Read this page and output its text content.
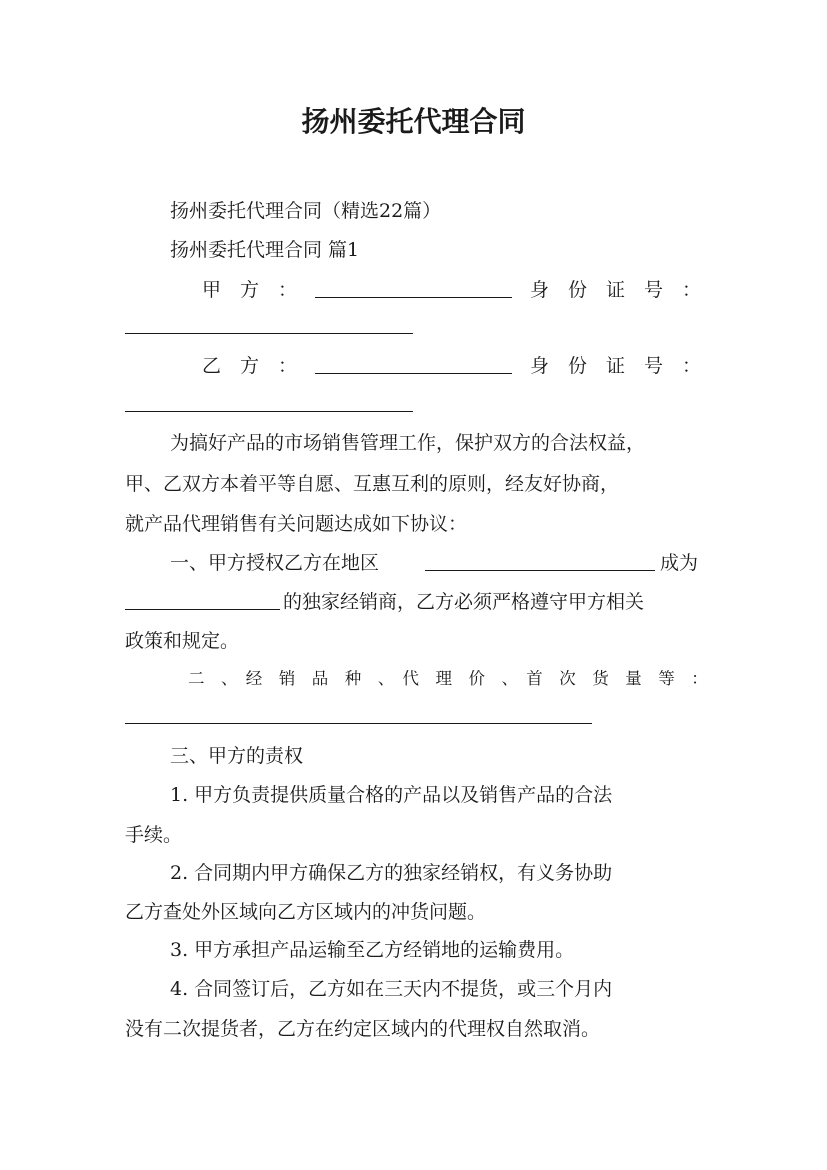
扬州委托代理合同
扬州委托代理合同（精选22篇）
扬州委托代理合同 篇1
甲　方　：	身　份　证　号　：
乙　方　：	身　份　证　号　：
为搞好产品的市场销售管理工作，保护双方的合法权益，
甲、乙双方本着平等自愿、互惠互利的原则，经友好协商，
就产品代理销售有关问题达成如下协议：
一、甲方授权乙方在地区	成为
的独家经销商，乙方必须严格遵守甲方相关
政策和规定。
二　、　经　销　品　种　、　代　理　价　、　首　次　货　量　等　：
三、甲方的责权
1. 甲方负责提供质量合格的产品以及销售产品的合法
手续。
2. 合同期内甲方确保乙方的独家经销权，有义务协助
乙方查处外区域向乙方区域内的冲货问题。
3. 甲方承担产品运输至乙方经销地的运输费用。
4. 合同签订后，乙方如在三天内不提货，或三个月内
没有二次提货者，乙方在约定区域内的代理权自然取消。
